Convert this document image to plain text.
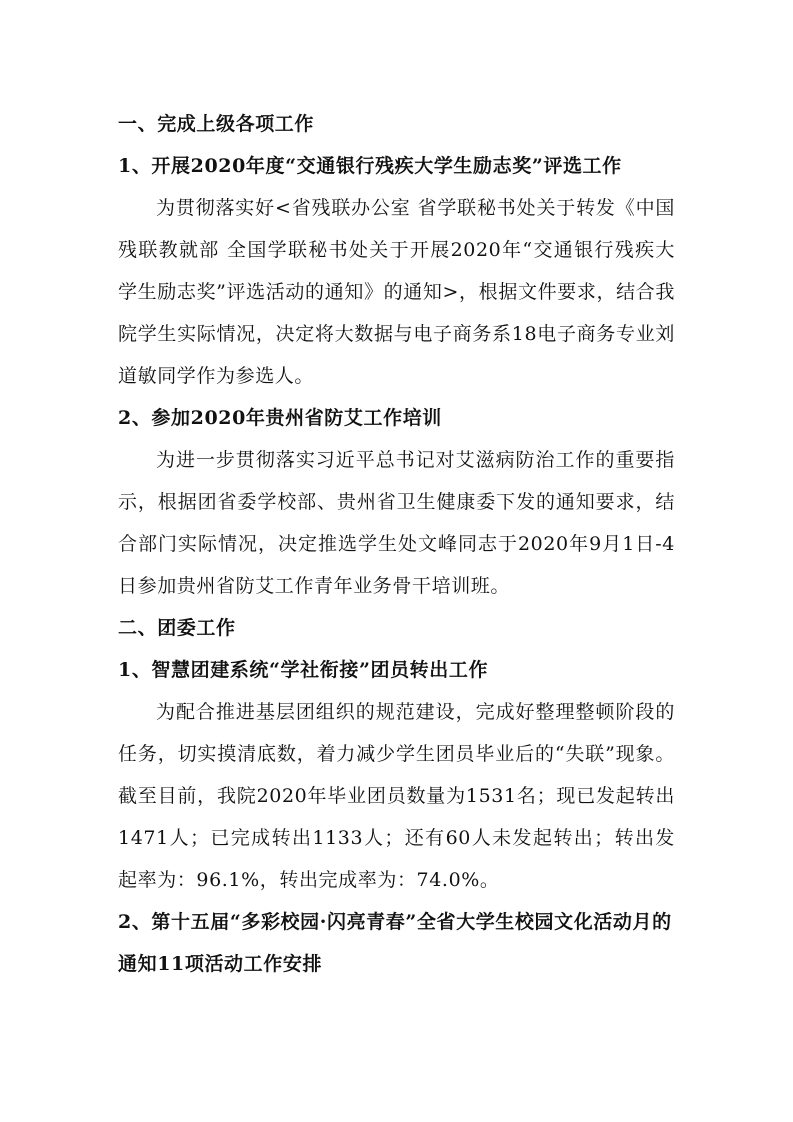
一、完成上级各项工作

1、开展2020年度“交通银行残疾大学生励志奖”评选工作

为贯彻落实好<省残联办公室 省学联秘书处关于转发《中国残联教就部 全国学联秘书处关于开展2020年“交通银行残疾大学生励志奖”评选活动的通知》的通知>，根据文件要求，结合我院学生实际情况，决定将大数据与电子商务系18电子商务专业刘道敏同学作为参选人。

2、参加2020年贵州省防艾工作培训

为进一步贯彻落实习近平总书记对艾滋病防治工作的重要指示，根据团省委学校部、贵州省卫生健康委下发的通知要求，结合部门实际情况，决定推选学生处文峰同志于2020年9月1日-4日参加贵州省防艾工作青年业务骨干培训班。

二、团委工作

1、智慧团建系统“学社衔接”团员转出工作

为配合推进基层团组织的规范建设，完成好整理整顿阶段的任务，切实摸清底数，着力减少学生团员毕业后的“失联”现象。截至目前，我院2020年毕业团员数量为1531名；现已发起转出1471人；已完成转出1133人；还有60人未发起转出；转出发起率为：96.1%，转出完成率为：74.0%。

2、第十五届“多彩校园·闪亮青春”全省大学生校园文化活动月的通知11项活动工作安排
